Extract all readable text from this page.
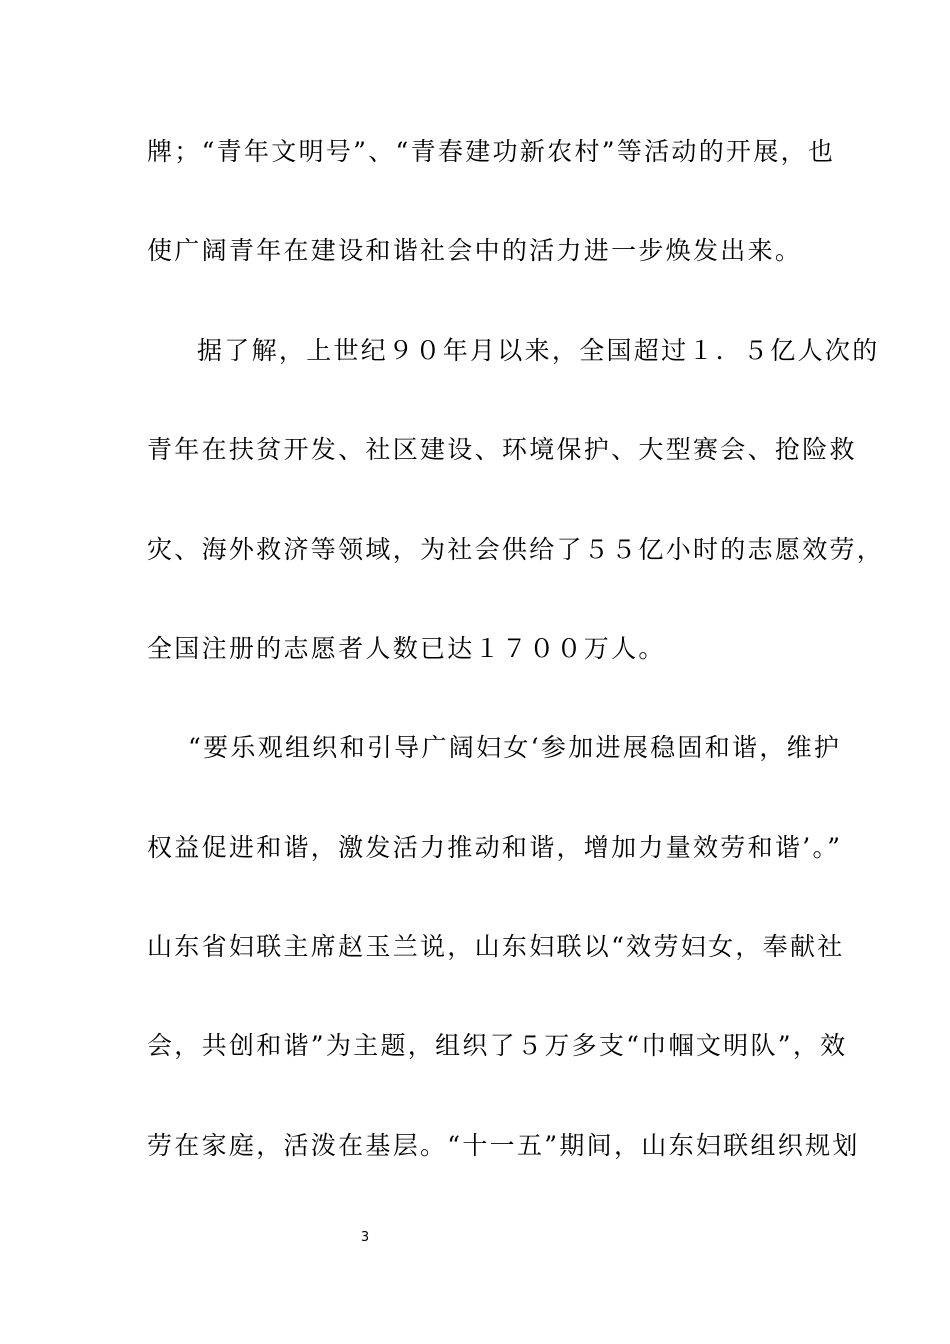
牌；“青年文明号”、“青春建功新农村”等活动的开展，也
使广阔青年在建设和谐社会中的活力进一步焕发出来。
据了解，上世纪９０年月以来，全国超过１．５亿人次的
青年在扶贫开发、社区建设、环境保护、大型赛会、抢险救
灾、海外救济等领域，为社会供给了５５亿小时的志愿效劳，
全国注册的志愿者人数已达１７００万人。
“要乐观组织和引导广阔妇女‘参加进展稳固和谐，维护
权益促进和谐，激发活力推动和谐，增加力量效劳和谐’。”
山东省妇联主席赵玉兰说，山东妇联以“效劳妇女，奉献社
会，共创和谐”为主题，组织了５万多支“巾帼文明队”，效
劳在家庭，活泼在基层。“十一五”期间，山东妇联组织规划
3
